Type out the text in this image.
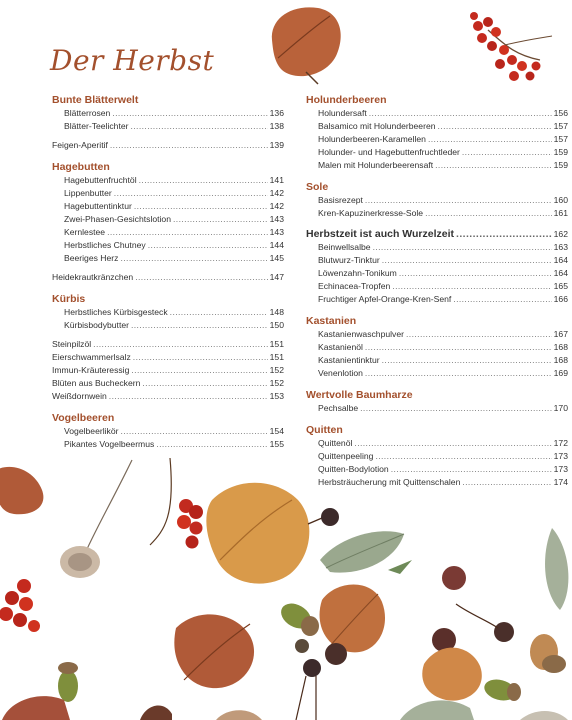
Der Herbst
Bunte Blätterwelt
Blätterrosen .....	136
Blätter-Teelichter .....	138
Feigen-Aperitif .....	139
Hagebutten
Hagebuttenfruchtöl .....	141
Lippenbutter .....	142
Hagebuttentinktur .....	142
Zwei-Phasen-Gesichtslotion .....	143
Kernlestee .....	143
Herbstliches Chutney .....	144
Beeriges Herz .....	145
Heidekrautkränzchen .....	147
Kürbis
Herbstliches Kürbisgesteck .....	148
Kürbisbodybutter .....	150
Steinpilzöl .....	151
Eierschwammerlsalz .....	151
Immun-Kräuteressig .....	152
Blüten aus Bucheckern .....	152
Weißdornwein .....	153
Vogelbeeren
Vogelbeerlikör .....	154
Pikantes Vogelbeermus .....	155
Holunderbeeren
Holundersaft .....	156
Balsamico mit Holunderbeeren .....	157
Holunderbeeren-Karamellen .....	157
Holunder- und Hagebuttenfruchtleder .....	159
Malen mit Holunderbeerensaft .....	159
Sole
Basisrezept .....	160
Kren-Kapuzinerkresse-Sole .....	161
Herbstzeit ist auch Wurzelzeit .....	162
Beinwellsalbe .....	163
Blutwurz-Tinktur .....	164
Löwenzahn-Tonikum .....	164
Echinacea-Tropfen .....	165
Fruchtiger Apfel-Orange-Kren-Senf .....	166
Kastanien
Kastanienwaschpulver .....	167
Kastanienöl .....	168
Kastanientinktur .....	168
Venenlotion .....	169
Wertvolle Baumharze
Pechsalbe .....	170
Quitten
Quittenöl .....	172
Quittenpeeling .....	173
Quitten-Bodylotion .....	173
Herbsträucherung mit Quittenschalen .....	174
